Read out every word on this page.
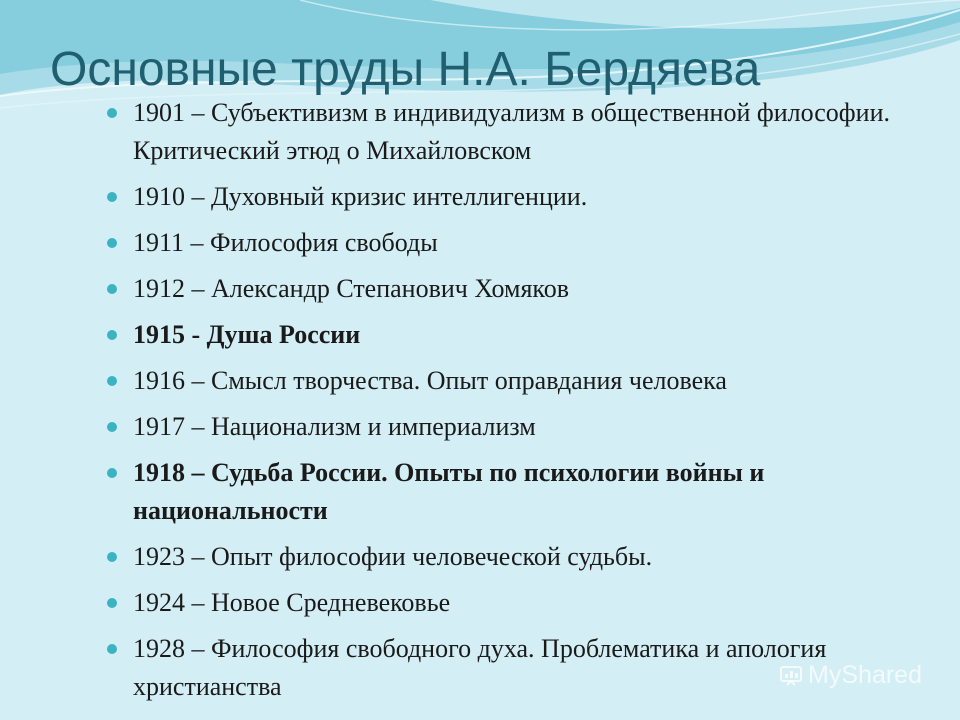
Основные труды Н.А. Бердяева
1901 – Субъективизм в индивидуализм в общественной философии. Критический этюд о Михайловском
1910 – Духовный кризис интеллигенции.
1911 – Философия свободы
1912 – Александр Степанович Хомяков
1915 - Душа России
1916 – Смысл творчества. Опыт оправдания человека
1917 – Национализм и империализм
1918 – Судьба России. Опыты по психологии войны и национальности
1923 – Опыт философии человеческой судьбы.
1924 – Новое Средневековье
1928 – Философия свободного духа. Проблематика и апология христианства	MyShared
